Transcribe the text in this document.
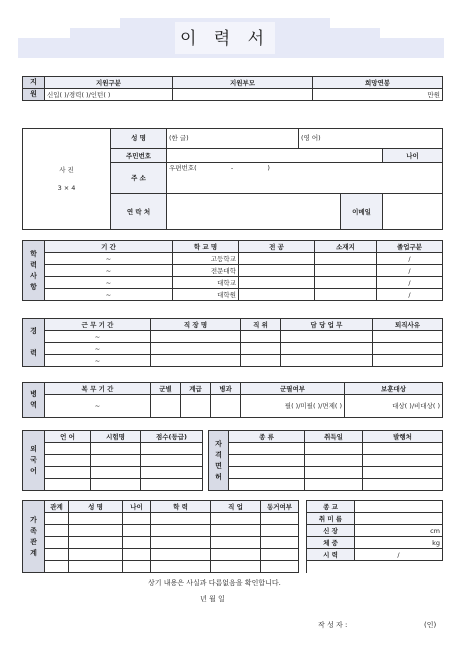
이 력 서
지	지원구분	지원부모	희망연봉
원	신입( )/경력( )/인턴( )		만원
사 진
3 × 4	성 명	(한 글)	(영 어)		
	주민번호				나이
	주 소	우편번호( - )			
	연 락 처			이메일	
학
력
사
항	기 간	학 교 명	전 공	소재지	졸업구분
	~	고등학교			/
	~	전문대학			/
	~	대학교			/
	~	대학원			/
경

력	근 무 기 간	직 장 명	직 위	담 당 업 무	퇴직사유
	~				
	~				
	~				
병
역	복 무 기 간	군별	계급	병과	군필여부	보훈대상
	~				필( )/미필( )/면제( )	대상( )/비대상( )
외
국
어	언 어	시험명	점수(등급)

자
격
면
허	종 류	취득일	발행처

가
족
관
계	관계	성 명	나이	학 력	직 업	동거여부		종 교	
								취 미 름	
								신 장	cm
								체 중	kg
								시 력	/

상기 내용은 사실과 다름없음을 확인합니다.
년 월 일
작 성 자 :	(인)
